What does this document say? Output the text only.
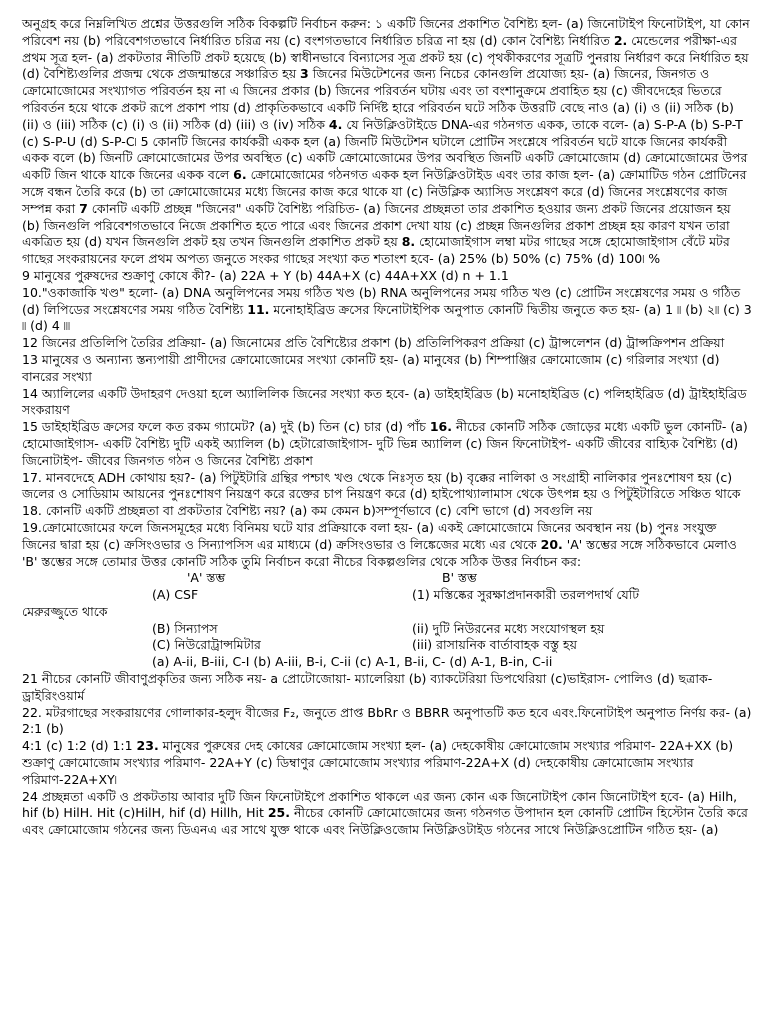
অনুগ্রহ করে নিম্নলিখিত প্রশ্নের উত্তরগুলি সঠিক বিকল্পটি নির্বাচন করুন: ১ একটি জিনের প্রকাশিত বৈশিষ্ট্য হল- (a) জিনোটাইপ ফিনোটাইপ, যা কোন পরিবেশ নয় (b) পরিবেশগতভাবে নির্ধারিত চরিত্র নয় (c) বংশগতভাবে নির্ধারিত চরিত্র না হয় (d) কোন বৈশিষ্ট্য নির্ধারিত 2. মেন্ডেলের পরীক্ষা-এর প্রথম সূত্র হল- (a) প্রকটতার নীতিটি প্রকট হয়েছে (b) স্বাধীনভাবে বিন্যাসের সূত্র প্রকট হয় (c) পৃথকীকরণের সূত্রটি পুনরায় নির্ধারণ করে নির্ধারিত হয় (d) বৈশিষ্ট্যগুলির প্রজন্ম থেকে প্রজন্মান্তরে সঞ্চারিত হয় 3 জিনের মিউটেশনের জন্য নিচের কোনগুলি প্রযোজ্য হয়- (a) জিনের, জিনগত ও ক্রোমোজোমের সংখ্যাগত পরিবর্তন হয় না এ জিনের প্রকার (b) জিনের পরিবর্তন ঘটায় এবং তা বংশানুক্রমে প্রবাহিত হয় (c) জীবদেহের ভিতরে পরিবর্তন হয়ে থাকে প্রকট রূপে প্রকাশ পায় (d) প্রাকৃতিকভাবে একটি নির্দিষ্ট হারে পরিবর্তন ঘটে সঠিক উত্তরটি বেছে নাও (a) (i) ও (ii) সঠিক (b) (ii) ও (iii) সঠিক (c) (i) ও (ii) সঠিক (d) (iii) ও (iv) সঠিক 4. যে নিউক্লিওটাইডে DNA-এর গঠনগত একক, তাকে বলে- (a) S-P-A (b) S-P-T (c) S-P-U (d) S-P-C৷ 5 কোনটি জিনের কার্যকরী একক হল (a) জিনটি মিউটেশন ঘটালে প্রোটিন সংশ্লেষে পরিবর্তন ঘটে যাকে জিনের কার্যকরী একক বলে (b) জিনটি ক্রোমোজোমের উপর অবস্থিত (c) একটি ক্রোমোজোমের উপর অবস্থিত জিনটি একটি ক্রোমোজোম (d) ক্রোমোজোমের উপর একটি জিন থাকে যাকে জিনের একক বলে 6. ক্রোমোজোমের গঠনগত একক হল নিউক্লিওটাইড এবং তার কাজ হল- (a) ক্রোমাটিড গঠন প্রোটিনের সঙ্গে বন্ধন তৈরি করে (b) তা ক্রোমোজোমের মধ্যে জিনের কাজ করে থাকে যা (c) নিউক্লিক অ্যাসিড সংশ্লেষণ করে (d) জিনের সংশ্লেষণের কাজ সম্পন্ন করা 7 কোনটি একটি প্রচ্ছন্ন "জিনের" একটি বৈশিষ্ট্য পরিচিত- (a) জিনের প্রচ্ছন্নতা তার প্রকাশিত হওয়ার জন্য প্রকট জিনের প্রয়োজন হয় (b) জিনগুলি পরিবেশগতভাবে নিজে প্রকাশিত হতে পারে এবং জিনের প্রকাশ দেখা যায় (c) প্রচ্ছন্ন জিনগুলির প্রকাশ প্রচ্ছন্ন হয় কারণ যখন তারা একত্রিত হয় (d) যখন জিনগুলি প্রকট হয় তখন জিনগুলি প্রকাশিত প্রকট হয় 8. হোমোজাইগাস লম্বা মটর গাছের সঙ্গে হোমোজাইগাস বেঁটে মটর গাছের সংকরায়নের ফলে প্রথম অপত্য জনুতে সংকর গাছের সংখ্যা কত শতাংশ হবে- (a) 25% (b) 50% (c) 75% (d) 100৷ %

9 মানুষের পুরুষদের শুক্রাণু কোষে কী?- (a) 22A + Y (b) 44A+X (c) 44A+XX (d) n + 1.1

10."ওকাজাকি খণ্ড" হলো- (a) DNA অনুলিপনের সময় গঠিত খণ্ড (b) RNA অনুলিপনের সময় গঠিত খণ্ড (c) প্রোটিন সংশ্লেষণের সময় ও গঠিত (d) লিপিডের সংশ্লেষণের সময় গঠিত বৈশিষ্ট্য 11. মনোহাইব্রিড ক্রসের ফিনোটাইপিক অনুপাত কোনটি দ্বিতীয় জনুতে কত হয়- (a) 1 ৷৷ (b) ২৷৷ (c) 3 ৷৷ (d) 4 ৷৷৷

12 জিনের প্রতিলিপি তৈরির প্রক্রিয়া- (a) জিনোমের প্রতি বৈশিষ্ট্যের প্রকাশ (b) প্রতিলিপিকরণ প্রক্রিয়া (c) ট্রান্সলেশন (d) ট্রান্সক্রিপশন প্রক্রিয়া

13 মানুষের ও অন্যান্য স্তন্যপায়ী প্রাণীদের ক্রোমোজোমের সংখ্যা কোনটি হয়- (a) মানুষের (b) শিম্পাঞ্জির ক্রোমোজোম (c) গরিলার সংখ্যা (d) বানরের সংখ্যা

14 অ্যালিলের একটি উদাহরণ দেওয়া হলে অ্যালিলিক জিনের সংখ্যা কত হবে- (a) ডাইহাইব্রিড (b) মনোহাইব্রিড (c) পলিহাইব্রিড (d) ট্রাইহাইব্রিড সংকরায়ণ

15 ডাইহাইব্রিড ক্রসের ফলে কত রকম গ্যামেট? (a) দুই (b) তিন (c) চার (d) পাঁচ 16. নীচের কোনটি সঠিক জোড়ের মধ্যে একটি ভুল কোনটি- (a) হোমোজাইগাস- একটি বৈশিষ্ট্য দুটি একই অ্যালিল (b) হেটারোজাইগাস- দুটি ভিন্ন অ্যালিল (c) জিন ফিনোটাইপ- একটি জীবের বাহ্যিক বৈশিষ্ট্য (d) জিনোটাইপ- জীবের জিনগত গঠন ও জিনের বৈশিষ্ট্য প্রকাশ

17. মানবদেহে ADH কোথায় হয়?- (a) পিটুইটারি গ্রন্থির পশ্চাৎ খণ্ড থেকে নিঃসৃত হয় (b) বৃক্কের নালিকা ও সংগ্রাহী নালিকার পুনঃশোষণ হয় (c) জলের ও সোডিয়াম আয়নের পুনঃশোষণ নিয়ন্ত্রণ করে রক্তের চাপ নিয়ন্ত্রণ করে (d) হাইপোথ্যালামাস থেকে উৎপন্ন হয় ও পিটুইটারিতে সঞ্চিত থাকে

18. কোনটি একটি প্রচ্ছন্নতা বা প্রকটতার বৈশিষ্ট্য নয়? (a) কম কেমন b)সম্পূর্ণভাবে (c) বেশি ভাগে (d) সবগুলি নয়

19.ক্রোমোজোমের ফলে জিনসমূহের মধ্যে বিনিময় ঘটে যার প্রক্রিয়াকে বলা হয়- (a) একই ক্রোমোজোমে জিনের অবস্থান নয় (b) পুনঃ সংযুক্ত জিনের দ্বারা হয় (c) ক্রসিংওভার ও সিন্যাপসিস এর মাধ্যমে (d) ক্রসিংওভার ও লিঙ্কেজের মধ্যে এর থেকে 20. 'A' স্তম্ভের সঙ্গে সঠিকভাবে মেলাও 'B' স্তম্ভের সঙ্গে তোমার উত্তর কোনটি সঠিক তুমি নির্বাচন করো নীচের বিকল্পগুলির থেকে সঠিক উত্তর নির্বাচন কর:

'A' স্তম্ভ	B' স্তম্ভ
(A) CSF	(1) মস্তিষ্কের সুরক্ষাপ্রদানকারী তরলপদার্থ যেটি
মেরুরজ্জুতে থাকে
(B) সিন্যাপস	(ii) দুটি নিউরনের মধ্যে সংযোগস্থল হয়
(C) নিউরোট্রান্সমিটার	(iii) রাসায়নিক বার্তাবাহক বস্তু হয়
(a) A-ii, B-iii, C-I (b) A-iii, B-i, C-ii (c) A-1, B-ii, C- (d) A-1, B-in, C-ii

21 নীচের কোনটি জীবাণুপ্রকৃতির জন্য সঠিক নয়- a প্রোটোজোয়া- ম্যালেরিয়া (b) ব্যাকটেরিয়া ডিপথেরিয়া (c)ভাইরাস- পোলিও (d) ছত্রাক- ড্রাইরিংওয়ার্ম

22. মটরগাছের সংকরায়ণের গোলাকার-হলুদ বীজের F₂, জনুতে প্রাপ্ত BbRr ও BBRR অনুপাতটি কত হবে এবং.ফিনোটাইপ অনুপাত নির্ণয় কর- (a) 2:1 (b)

4:1 (c) 1:2 (d) 1:1 23. মানুষের পুরুষের দেহ কোষের ক্রোমোজোম সংখ্যা হল- (a) দেহকোষীয় ক্রোমোজোম সংখ্যার পরিমাণ- 22A+XX (b) শুক্রাণু ক্রোমোজোম সংখ্যার পরিমাণ- 22A+Y (c) ডিম্বাণুর ক্রোমোজোম সংখ্যার পরিমাণ-22A+X (d) দেহকোষীয় ক্রোমোজোম সংখ্যার পরিমাণ-22A+XY৷

24 প্রচ্ছন্নতা একটি ও প্রকটতায় আবার দুটি জিন ফিনোটাইপে প্রকাশিত থাকলে এর জন্য কোন এক জিনোটাইপ কোন জিনোটাইপ হবে- (a) Hilh, hif (b) HilH. Hit (c)HilH, hif (d) Hillh, Hit 25. নীচের কোনটি ক্রোমোজোমের জন্য গঠনগত উপাদান হল কোনটি প্রোটিন হিস্টোন তৈরি করে এবং ক্রোমোজোম গঠনের জন্য ডিএনএ এর সাথে যুক্ত থাকে এবং নিউক্লিওজোম নিউক্লিওটাইড গঠনের সাথে নিউক্লিওপ্রোটিন গঠিত হয়- (a)
